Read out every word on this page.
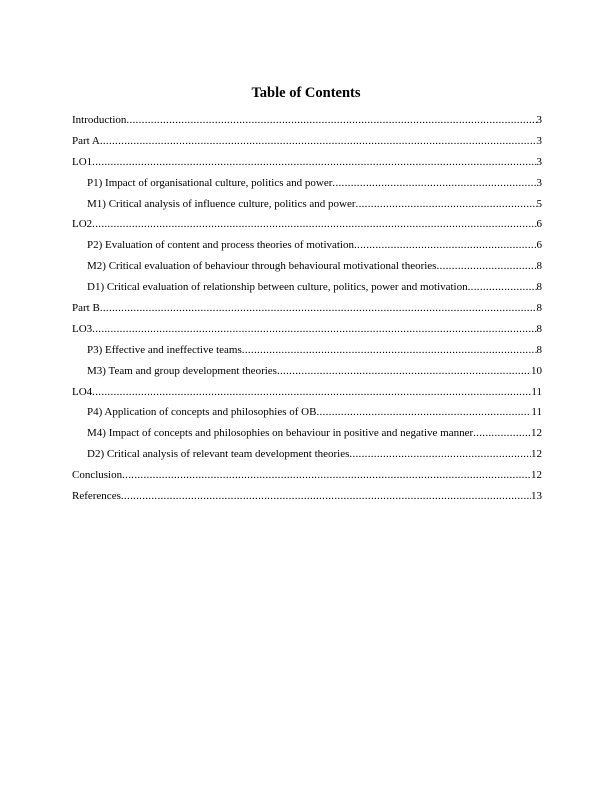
Table of Contents
Introduction .....	3
Part A .....	3
LO1 .....	3
P1) Impact of organisational culture, politics and power .....	3
M1) Critical analysis of influence culture, politics and power .....	5
LO2 .....	6
P2) Evaluation of content and process theories of motivation .....	6
M2) Critical evaluation of behaviour through behavioural motivational theories .....	8
D1) Critical evaluation of relationship between culture, politics, power and motivation .....	8
Part B .....	8
LO3 .....	8
P3) Effective and ineffective teams .....	8
M3) Team and group development theories .....	10
LO4 .....	11
P4) Application of concepts and philosophies of OB .....	11
M4) Impact of concepts and philosophies on behaviour in positive and negative manner .....	12
D2) Critical analysis of relevant team development theories .....	12
Conclusion .....	12
References .....	13
